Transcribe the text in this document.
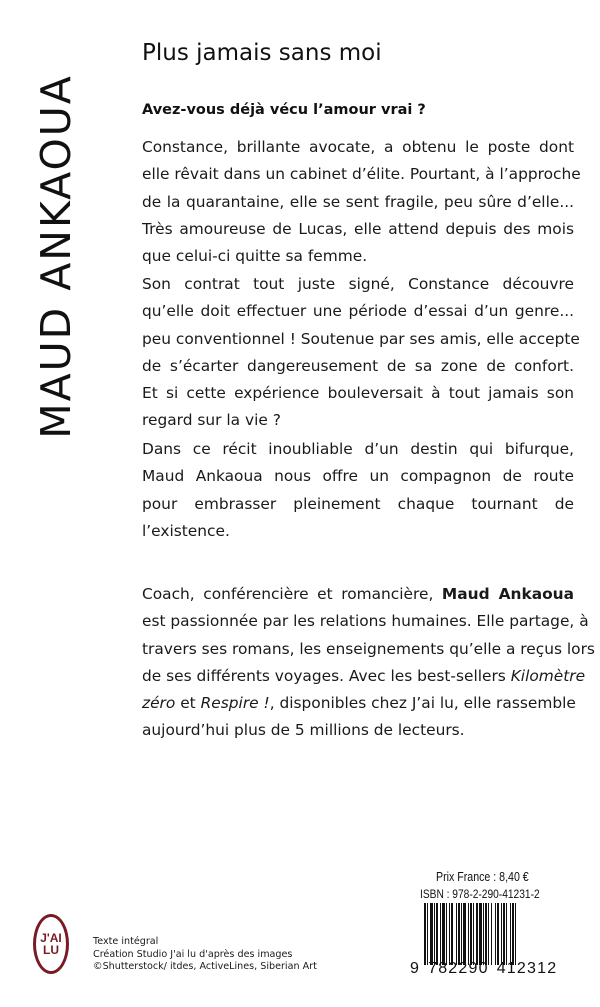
MAUD ANKAOUA
Plus jamais sans moi
Avez-vous déjà vécu l’amour vrai ?

Constance, brillante avocate, a obtenu le poste dont
elle rêvait dans un cabinet d’élite. Pourtant, à l’approche
de la quarantaine, elle se sent fragile, peu sûre d’elle...
Très amoureuse de Lucas, elle attend depuis des mois
que celui-ci quitte sa femme.

Son contrat tout juste signé, Constance découvre
qu’elle doit effectuer une période d’essai d’un genre...
peu conventionnel ! Soutenue par ses amis, elle accepte
de s’écarter dangereusement de sa zone de confort.
Et si cette expérience bouleversait à tout jamais son
regard sur la vie ?

Dans ce récit inoubliable d’un destin qui bifurque,
Maud Ankaoua nous offre un compagnon de route
pour embrasser pleinement chaque tournant de
l’existence.

Coach, conférencière et romancière, Maud Ankaoua
est passionnée par les relations humaines. Elle partage, à
travers ses romans, les enseignements qu’elle a reçus lors
de ses différents voyages. Avec les best-sellers Kilomètre
zéro et Respire !, disponibles chez J’ai lu, elle rassemble
aujourd’hui plus de 5 millions de lecteurs.

J'AI
LU
Texte intégral
Création Studio J'ai lu d'après des images
©Shutterstock/ itdes, ActiveLines, Siberian Art
Prix France : 8,40 €
ISBN : 978-2-290-41231-2
9 782290 412312
